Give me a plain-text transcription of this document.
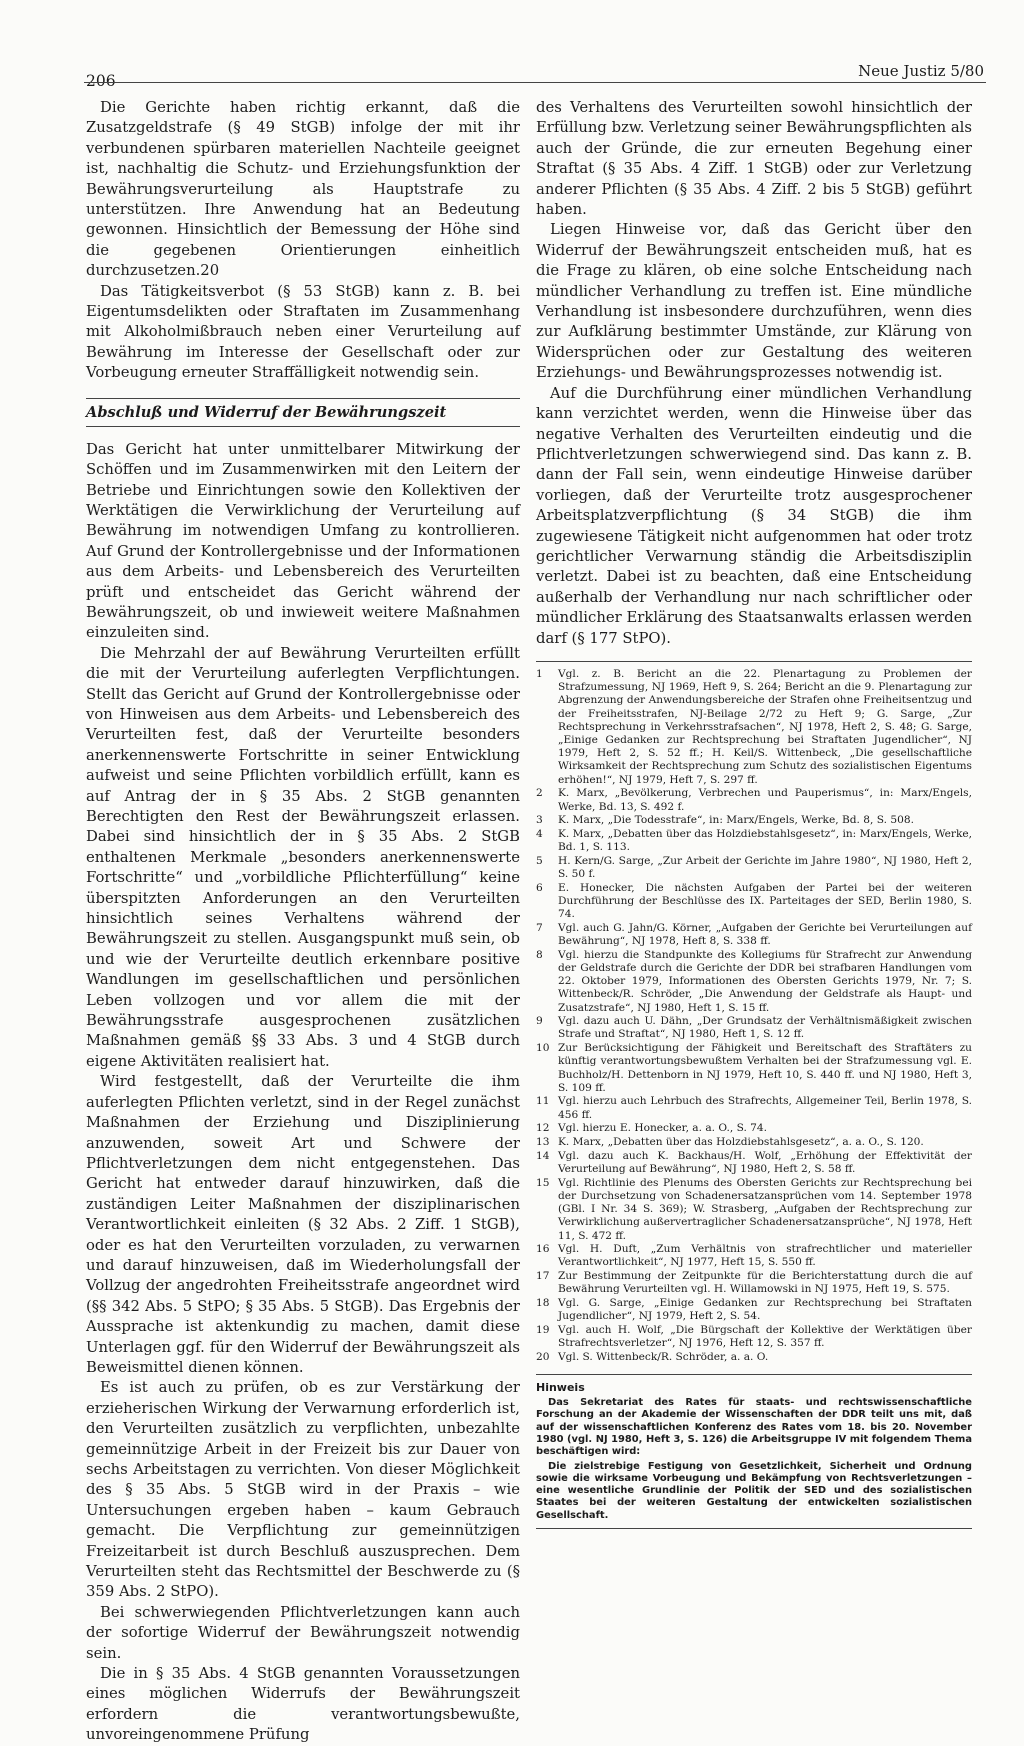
206
Neue Justiz 5/80

Die Gerichte haben richtig erkannt, daß die Zusatzgeldstrafe (§ 49 StGB) infolge der mit ihr verbundenen spürbaren materiellen Nachteile geeignet ist, nachhaltig die Schutz- und Erziehungsfunktion der Bewährungsverurteilung als Hauptstrafe zu unterstützen. Ihre Anwendung hat an Bedeutung gewonnen. Hinsichtlich der Bemessung der Höhe sind die gegebenen Orientierungen einheitlich durchzusetzen.20

Das Tätigkeitsverbot (§ 53 StGB) kann z. B. bei Eigentumsdelikten oder Straftaten im Zusammenhang mit Alkoholmißbrauch neben einer Verurteilung auf Bewährung im Interesse der Gesellschaft oder zur Vorbeugung erneuter Straffälligkeit notwendig sein.

Abschluß und Widerruf der Bewährungszeit

Das Gericht hat unter unmittelbarer Mitwirkung der Schöffen und im Zusammenwirken mit den Leitern der Betriebe und Einrichtungen sowie den Kollektiven der Werktätigen die Verwirklichung der Verurteilung auf Bewährung im notwendigen Umfang zu kontrollieren. Auf Grund der Kontrollergebnisse und der Informationen aus dem Arbeits- und Lebensbereich des Verurteilten prüft und entscheidet das Gericht während der Bewährungszeit, ob und inwieweit weitere Maßnahmen einzuleiten sind.

Die Mehrzahl der auf Bewährung Verurteilten erfüllt die mit der Verurteilung auferlegten Verpflichtungen. Stellt das Gericht auf Grund der Kontrollergebnisse oder von Hinweisen aus dem Arbeits- und Lebensbereich des Verurteilten fest, daß der Verurteilte besonders anerkennenswerte Fortschritte in seiner Entwicklung aufweist und seine Pflichten vorbildlich erfüllt, kann es auf Antrag der in § 35 Abs. 2 StGB genannten Berechtigten den Rest der Bewährungszeit erlassen. Dabei sind hinsichtlich der in § 35 Abs. 2 StGB enthaltenen Merkmale „besonders anerkennenswerte Fortschritte“ und „vorbildliche Pflichterfüllung“ keine überspitzten Anforderungen an den Verurteilten hinsichtlich seines Verhaltens während der Bewährungszeit zu stellen. Ausgangspunkt muß sein, ob und wie der Verurteilte deutlich erkennbare positive Wandlungen im gesellschaftlichen und persönlichen Leben vollzogen und vor allem die mit der Bewährungsstrafe ausgesprochenen zusätzlichen Maßnahmen gemäß §§ 33 Abs. 3 und 4 StGB durch eigene Aktivitäten realisiert hat.

Wird festgestellt, daß der Verurteilte die ihm auferlegten Pflichten verletzt, sind in der Regel zunächst Maßnahmen der Erziehung und Disziplinierung anzuwenden, soweit Art und Schwere der Pflichtverletzungen dem nicht entgegenstehen. Das Gericht hat entweder darauf hinzuwirken, daß die zuständigen Leiter Maßnahmen der disziplinarischen Verantwortlichkeit einleiten (§ 32 Abs. 2 Ziff. 1 StGB), oder es hat den Verurteilten vorzuladen, zu verwarnen und darauf hinzuweisen, daß im Wiederholungsfall der Vollzug der angedrohten Freiheitsstrafe angeordnet wird (§§ 342 Abs. 5 StPO; § 35 Abs. 5 StGB). Das Ergebnis der Aussprache ist aktenkundig zu machen, damit diese Unterlagen ggf. für den Widerruf der Bewährungszeit als Beweismittel dienen können.

Es ist auch zu prüfen, ob es zur Verstärkung der erzieherischen Wirkung der Verwarnung erforderlich ist, den Verurteilten zusätzlich zu verpflichten, unbezahlte gemeinnützige Arbeit in der Freizeit bis zur Dauer von sechs Arbeitstagen zu verrichten. Von dieser Möglichkeit des § 35 Abs. 5 StGB wird in der Praxis – wie Untersuchungen ergeben haben – kaum Gebrauch gemacht. Die Verpflichtung zur gemeinnützigen Freizeitarbeit ist durch Beschluß auszusprechen. Dem Verurteilten steht das Rechtsmittel der Beschwerde zu (§ 359 Abs. 2 StPO).

Bei schwerwiegenden Pflichtverletzungen kann auch der sofortige Widerruf der Bewährungszeit notwendig sein.

Die in § 35 Abs. 4 StGB genannten Voraussetzungen eines möglichen Widerrufs der Bewährungszeit erfordern die verantwortungsbewußte, unvoreingenommene Prüfung

des Verhaltens des Verurteilten sowohl hinsichtlich der Erfüllung bzw. Verletzung seiner Bewährungspflichten als auch der Gründe, die zur erneuten Begehung einer Straftat (§ 35 Abs. 4 Ziff. 1 StGB) oder zur Verletzung anderer Pflichten (§ 35 Abs. 4 Ziff. 2 bis 5 StGB) geführt haben.

Liegen Hinweise vor, daß das Gericht über den Widerruf der Bewährungszeit entscheiden muß, hat es die Frage zu klären, ob eine solche Entscheidung nach mündlicher Verhandlung zu treffen ist. Eine mündliche Verhandlung ist insbesondere durchzuführen, wenn dies zur Aufklärung bestimmter Umstände, zur Klärung von Widersprüchen oder zur Gestaltung des weiteren Erziehungs- und Bewährungsprozesses notwendig ist.

Auf die Durchführung einer mündlichen Verhandlung kann verzichtet werden, wenn die Hinweise über das negative Verhalten des Verurteilten eindeutig und die Pflichtverletzungen schwerwiegend sind. Das kann z. B. dann der Fall sein, wenn eindeutige Hinweise darüber vorliegen, daß der Verurteilte trotz ausgesprochener Arbeitsplatzverpflichtung (§ 34 StGB) die ihm zugewiesene Tätigkeit nicht aufgenommen hat oder trotz gerichtlicher Verwarnung ständig die Arbeitsdisziplin verletzt. Dabei ist zu beachten, daß eine Entscheidung außerhalb der Verhandlung nur nach schriftlicher oder mündlicher Erklärung des Staatsanwalts erlassen werden darf (§ 177 StPO).

1	Vgl. z. B. Bericht an die 22. Plenartagung zu Problemen der Strafzumessung, NJ 1969, Heft 9, S. 264; Bericht an die 9. Plenartagung zur Abgrenzung der Anwendungsbereiche der Strafen ohne Freiheitsentzug und der Freiheitsstrafen, NJ-Beilage 2/72 zu Heft 9; G. Sarge, „Zur Rechtsprechung in Verkehrsstrafsachen“, NJ 1978, Heft 2, S. 48; G. Sarge, „Einige Gedanken zur Rechtsprechung bei Straftaten Jugendlicher“, NJ 1979, Heft 2, S. 52 ff.; H. Keil/S. Wittenbeck, „Die gesellschaftliche Wirksamkeit der Rechtsprechung zum Schutz des sozialistischen Eigentums erhöhen!“, NJ 1979, Heft 7, S. 297 ff.
2	K. Marx, „Bevölkerung, Verbrechen und Pauperismus“, in: Marx/Engels, Werke, Bd. 13, S. 492 f.
3	K. Marx, „Die Todesstrafe“, in: Marx/Engels, Werke, Bd. 8, S. 508.
4	K. Marx, „Debatten über das Holzdiebstahlsgesetz“, in: Marx/Engels, Werke, Bd. 1, S. 113.
5	H. Kern/G. Sarge, „Zur Arbeit der Gerichte im Jahre 1980“, NJ 1980, Heft 2, S. 50 f.
6	E. Honecker, Die nächsten Aufgaben der Partei bei der weiteren Durchführung der Beschlüsse des IX. Parteitages der SED, Berlin 1980, S. 74.
7	Vgl. auch G. Jahn/G. Körner, „Aufgaben der Gerichte bei Verurteilungen auf Bewährung“, NJ 1978, Heft 8, S. 338 ff.
8	Vgl. hierzu die Standpunkte des Kollegiums für Strafrecht zur Anwendung der Geldstrafe durch die Gerichte der DDR bei strafbaren Handlungen vom 22. Oktober 1979, Informationen des Obersten Gerichts 1979, Nr. 7; S. Wittenbeck/R. Schröder, „Die Anwendung der Geldstrafe als Haupt- und Zusatzstrafe“, NJ 1980, Heft 1, S. 15 ff.
9	Vgl. dazu auch U. Dähn, „Der Grundsatz der Verhältnismäßigkeit zwischen Strafe und Straftat“, NJ 1980, Heft 1, S. 12 ff.
10 Zur Berücksichtigung der Fähigkeit und Bereitschaft des Straftäters zu künftig verantwortungsbewußtem Verhalten bei der Strafzumessung vgl. E. Buchholz/H. Dettenborn in NJ 1979, Heft 10, S. 440 ff. und NJ 1980, Heft 3, S. 109 ff.
11 Vgl. hierzu auch Lehrbuch des Strafrechts, Allgemeiner Teil, Berlin 1978, S. 456 ff.
12 Vgl. hierzu E. Honecker, a. a. O., S. 74.
13 K. Marx, „Debatten über das Holzdiebstahlsgesetz“, a. a. O., S. 120.
14 Vgl. dazu auch K. Backhaus/H. Wolf, „Erhöhung der Effektivität der Verurteilung auf Bewährung“, NJ 1980, Heft 2, S. 58 ff.
15 Vgl. Richtlinie des Plenums des Obersten Gerichts zur Rechtsprechung bei der Durchsetzung von Schadenersatzansprüchen vom 14. September 1978 (GBl. I Nr. 34 S. 369); W. Strasberg, „Aufgaben der Rechtsprechung zur Verwirklichung außervertraglicher Schadenersatzansprüche“, NJ 1978, Heft 11, S. 472 ff.
16 Vgl. H. Duft, „Zum Verhältnis von strafrechtlicher und materieller Verantwortlichkeit“, NJ 1977, Heft 15, S. 550 ff.
17 Zur Bestimmung der Zeitpunkte für die Berichterstattung durch die auf Bewährung Verurteilten vgl. H. Willamowski in NJ 1975, Heft 19, S. 575.
18 Vgl. G. Sarge, „Einige Gedanken zur Rechtsprechung bei Straftaten Jugendlicher“, NJ 1979, Heft 2, S. 54.
19 Vgl. auch H. Wolf, „Die Bürgschaft der Kollektive der Werktätigen über Strafrechtsverletzer“, NJ 1976, Heft 12, S. 357 ff.
20 Vgl. S. Wittenbeck/R. Schröder, a. a. O.

Hinweis

Das Sekretariat des Rates für staats- und rechtswissenschaftliche Forschung an der Akademie der Wissenschaften der DDR teilt uns mit, daß auf der wissenschaftlichen Konferenz des Rates vom 18. bis 20. November 1980 (vgl. NJ 1980, Heft 3, S. 126) die Arbeitsgruppe IV mit folgendem Thema beschäftigen wird:

Die zielstrebige Festigung von Gesetzlichkeit, Sicherheit und Ordnung sowie die wirksame Vorbeugung und Bekämpfung von Rechtsverletzungen – eine wesentliche Grundlinie der Politik der SED und des sozialistischen Staates bei der weiteren Gestaltung der entwickelten sozialistischen Gesellschaft.
